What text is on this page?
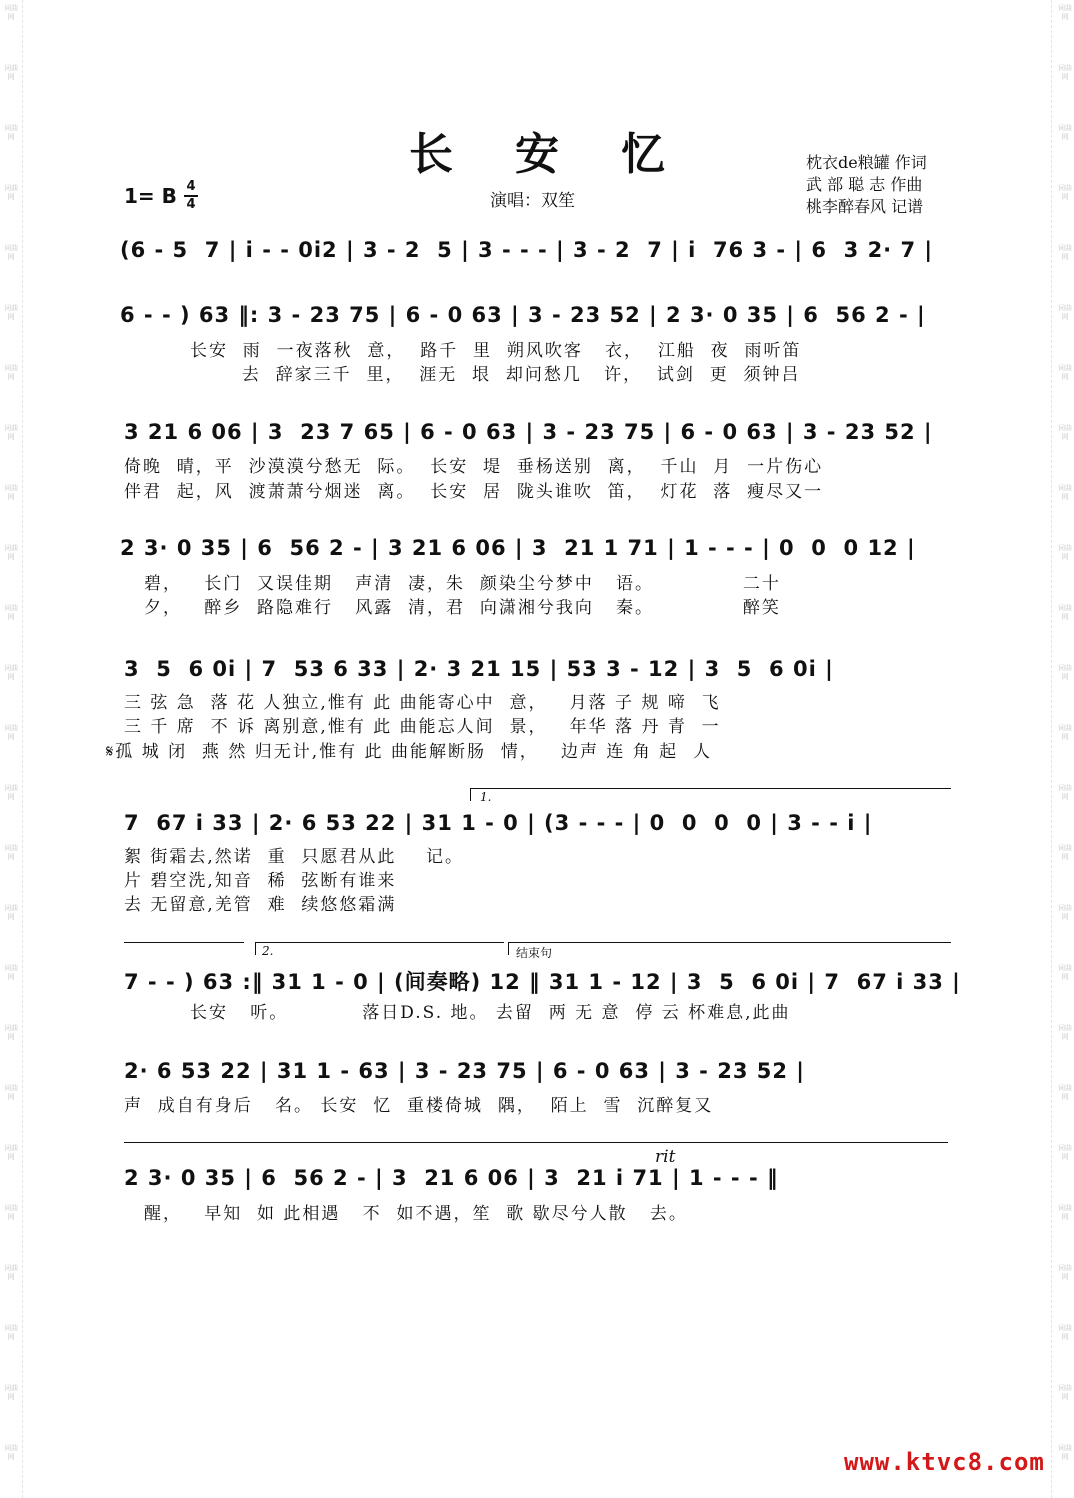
词曲网
词曲网
词曲网
词曲网
词曲网
词曲网
词曲网
词曲网
词曲网
词曲网
词曲网
词曲网
词曲网
词曲网
词曲网
词曲网
词曲网
词曲网
词曲网
词曲网
词曲网
词曲网
词曲网
词曲网
词曲网
词曲网
词曲网
词曲网
词曲网
词曲网
词曲网
词曲网
词曲网
词曲网
词曲网
词曲网
词曲网
词曲网
词曲网
词曲网
词曲网
词曲网
词曲网
词曲网
词曲网
词曲网
词曲网
词曲网
词曲网
词曲网
长安忆	枕衣de粮罐 作词
武 部 聪 志 作曲
桃李醉春风 记谱
1= B 4
4	演唱：双笙
(6 - 5  7 | i - - 0i2 | 3 - 2  5 | 3 - - - | 3 - 2  7 | i  76 3 - | 6  3 2· 7 |
6 - - ) 63 ‖: 3 - 23 75 | 6 - 0 63 | 3 - 23 52 | 2 3· 0 35 | 6  56 2 - |
长安  雨  一夜落秋  意，  路千  里  朔风吹客   衣，  江船  夜  雨听笛
去  辞家三千  里，  涯无  垠  却问愁几   许，  试剑  更  须钟吕
3 21 6 06 | 3  23 7 65 | 6 - 0 63 | 3 - 23 75 | 6 - 0 63 | 3 - 23 52 |
倚晚  晴，平  沙漠漠兮愁无  际。  长安  堤  垂杨送别  离，  千山  月  一片伤心
伴君  起，风  渡萧萧兮烟迷  离。  长安  居  陇头谁吹  笛，  灯花  落  瘦尽又一
2 3· 0 35 | 6  56 2 - | 3 21 6 06 | 3  21 1 71 | 1 - - - | 0  0  0 12 |
碧，   长门  又误佳期   声清  凄，朱  颜染尘兮梦中   语。            二十
夕，   醉乡  路隐难行   风露  清，君  向潇湘兮我向   秦。            醉笑
3  5  6 0i | 7  53 6 33 | 2· 3 21 15 | 53 3 - 12 | 3  5  6 0i |
三 弦 急  落 花 人独立,惟有 此 曲能寄心中  意，   月落 子 规 啼  飞
三 千 席  不 诉 离别意,惟有 此 曲能忘人间  景，   年华 落 丹 青  一
𝄋孤 城 闭  燕 然 归无计,惟有 此 曲能解断肠  情，   边声 连 角 起  人
1.
7  67 i 33 | 2· 6 53 22 | 31 1 - 0 | (3 - - - | 0  0  0  0 | 3 - - i |
絮 街霜去,然诺  重  只愿君从此    记。
片 碧空洗,知音  稀  弦断有谁来
去 无留意,羌管  难  续悠悠霜满
2.	结束句
7 - - ) 63 :‖ 31 1 - 0 | (间奏略) 12 ‖ 31 1 - 12 | 3  5  6 0i | 7  67 i 33 |
长安   听。          落日D.S. 地。 去留  两 无 意  停 云 杯难息,此曲
2· 6 53 22 | 31 1 - 63 | 3 - 23 75 | 6 - 0 63 | 3 - 23 52 |
声  成自有身后   名。 长安  忆  重楼倚城  隅，  陌上  雪  沉醉复又
rit
2 3· 0 35 | 6  56 2 - | 3  21 6 06 | 3  21 i 71 | 1 - - - ‖
醒，   早知  如 此相遇   不  如不遇，笙  歌 歇尽兮人散   去。
www.ktvc8.com
